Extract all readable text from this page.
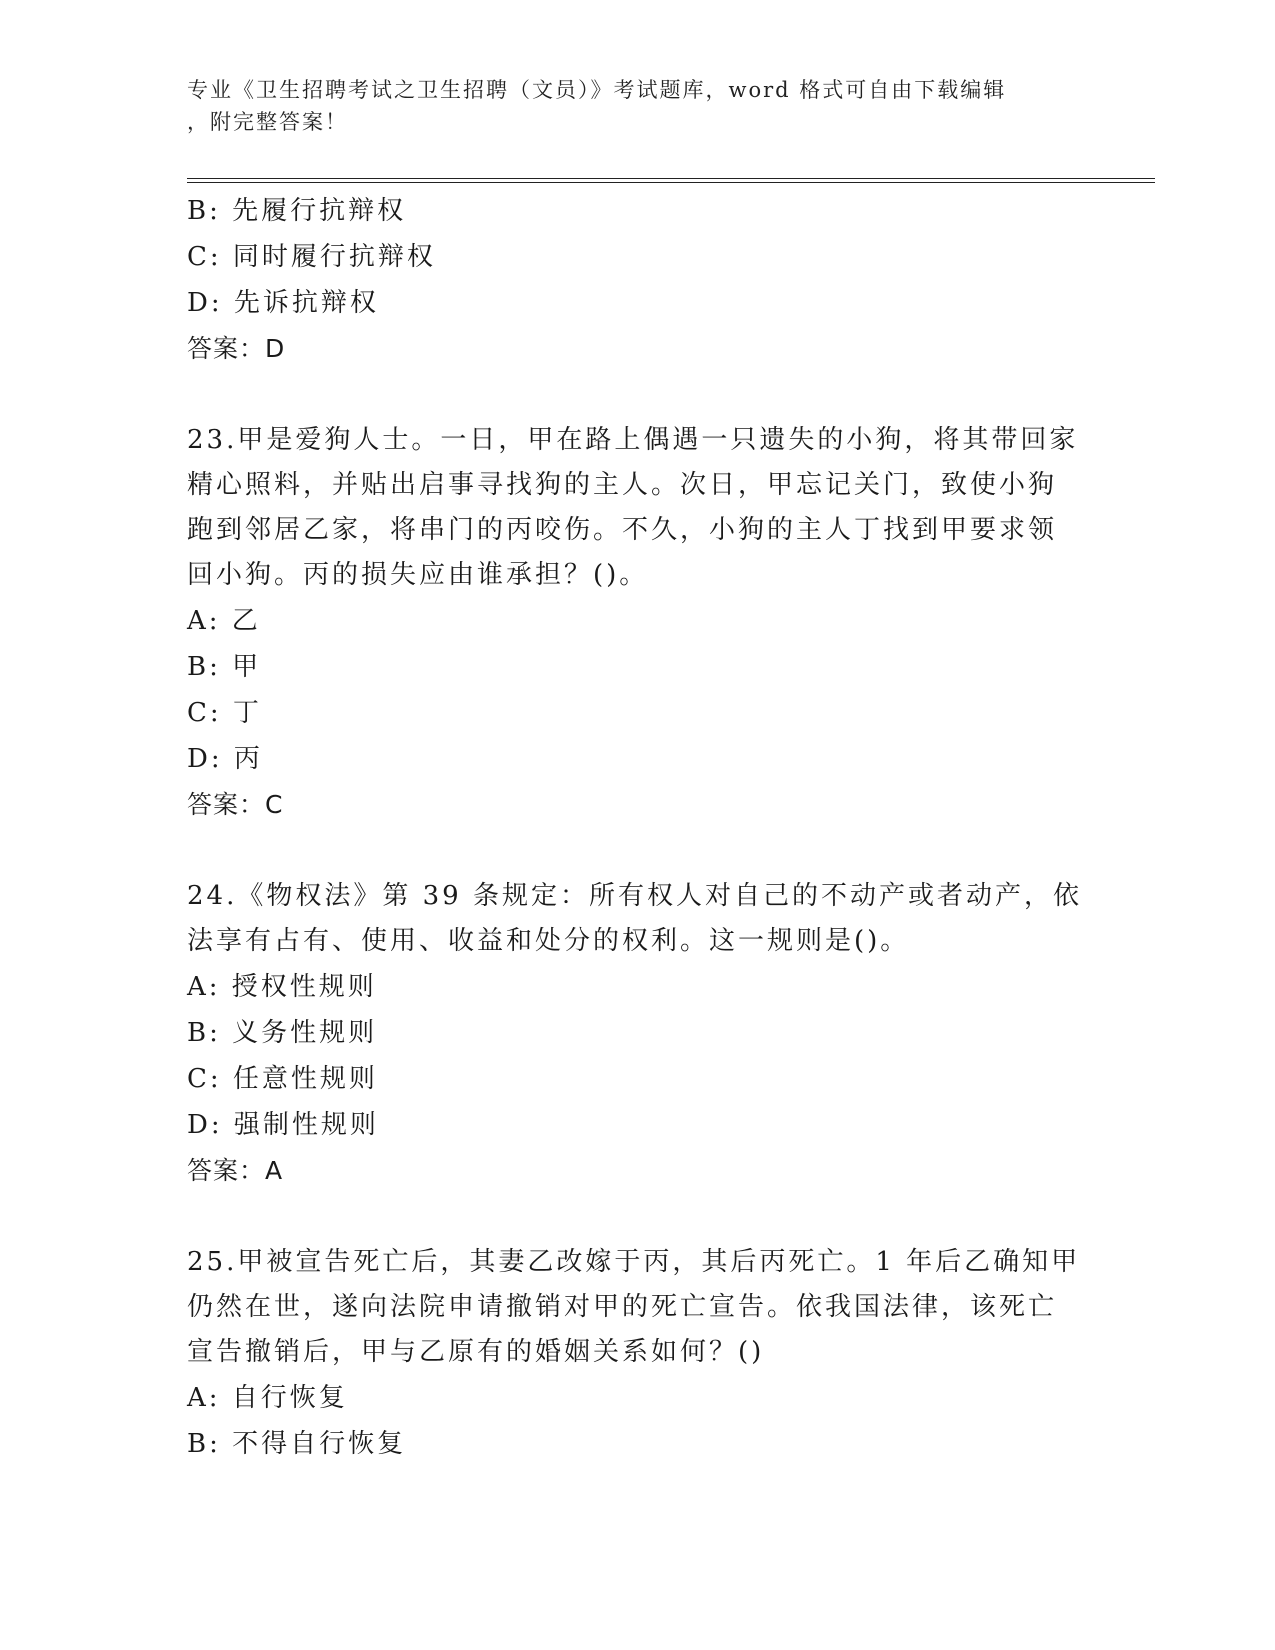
专业《卫生招聘考试之卫生招聘（文员）》考试题库，word 格式可自由下载编辑
，附完整答案！
B: 先履行抗辩权
C: 同时履行抗辩权
D: 先诉抗辩权
答案：D
23.甲是爱狗人士。一日，甲在路上偶遇一只遗失的小狗，将其带回家
精心照料，并贴出启事寻找狗的主人。次日，甲忘记关门，致使小狗
跑到邻居乙家，将串门的丙咬伤。不久，小狗的主人丁找到甲要求领
回小狗。丙的损失应由谁承担？()。
A: 乙
B: 甲
C: 丁
D: 丙
答案：C
24.《物权法》第 39 条规定：所有权人对自己的不动产或者动产，依
法享有占有、使用、收益和处分的权利。这一规则是()。
A: 授权性规则
B: 义务性规则
C: 任意性规则
D: 强制性规则
答案：A
25.甲被宣告死亡后，其妻乙改嫁于丙，其后丙死亡。1 年后乙确知甲
仍然在世，遂向法院申请撤销对甲的死亡宣告。依我国法律，该死亡
宣告撤销后，甲与乙原有的婚姻关系如何？()
A: 自行恢复
B: 不得自行恢复
